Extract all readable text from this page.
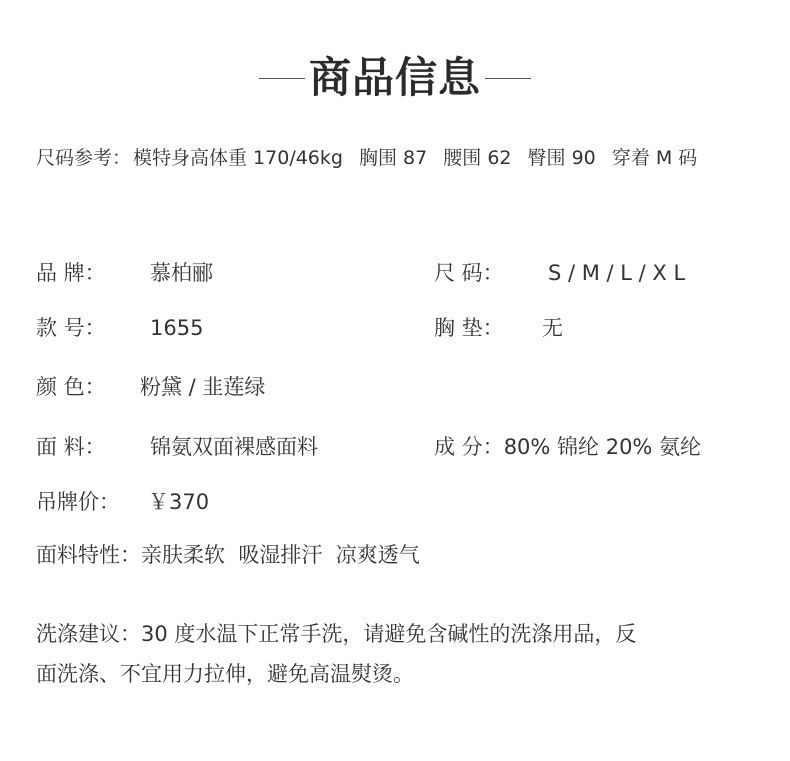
商品信息
尺码参考： 模特身高体重 170/46kg 胸围 87 腰围 62 臀围 90 穿着 M 码
品 牌： 慕柏郦	尺 码： S / M / L / X L
款 号： 1655	胸 垫： 无
颜 色： 粉黛 / 韭莲绿
面 料： 锦氨双面裸感面料	成 分：80% 锦纶 20% 氨纶
吊牌价： ￥370
面料特性：亲肤柔软  吸湿排汗  凉爽透气
洗涤建议：30 度水温下正常手洗，请避免含碱性的洗涤用品，反
面洗涤、不宜用力拉伸，避免高温熨烫。
